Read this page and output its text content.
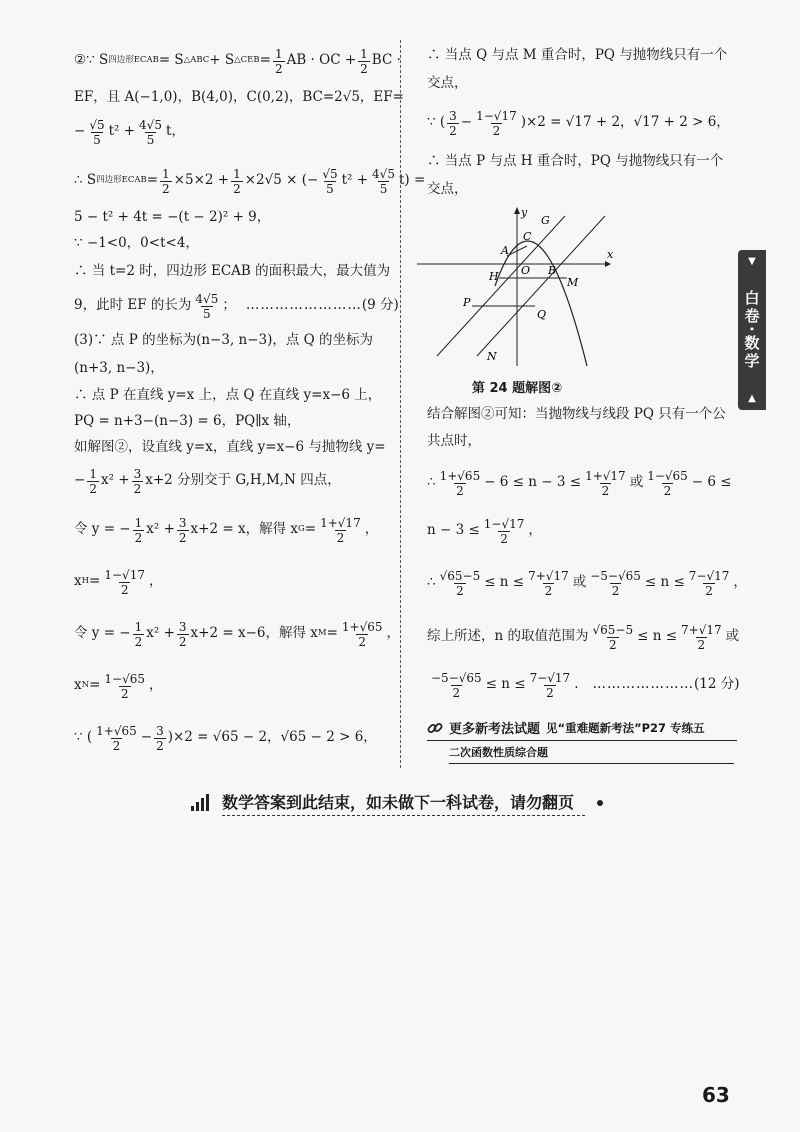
②∵ S 四边形ECAB = S △ABC + S △CEB = $\frac{1}{2}$ AB · OC + $\frac{1}{2}$ BC ·
EF，且 A(−1,0)，B(4,0)，C(0,2)，BC=2√5，EF=
− $\frac{√5}{5} t^2 + \frac{4√5}{5}$ t，
∴ S 四边形ECAB = $\frac{1}{2} \times 5\times 2 + \frac{1}{2} \times 2√5$ × (− $\frac{√5}{5} t^2 + \frac{4√5}{5} t$) =
5 − t² + 4t = −(t − 2)² + 9，
∵ −1<0，0<t<4，
∴ 当 t=2 时，四边形 ECAB 的面积最大，最大值为
9，此时 EF 的长为 $\frac{4√5}{5}$ ； …………………… (9 分)
(3)∵ 点 P 的坐标为(n−3, n−3)，点 Q 的坐标为
(n+3, n−3)，
∴ 点 P 在直线 y=x 上，点 Q 在直线 y=x−6 上，
PQ = n+3−(n−3) = 6，PQ∥x 轴，
如解图②，设直线 y=x，直线 y=x−6 与抛物线 y=
− $\frac{1}{2} x^2 + \frac{3}{2} x+2$ 分别交于 G,H,M,N 四点，
令 y = − $\frac{1}{2} x^2 + \frac{3}{2} x+2 = x$，解得 x $G = \frac{1+√17}{2}$ ，
x $H = \frac{1-√17}{2}$ ，
令 y = − $\frac{1}{2} x^2 + \frac{3}{2} x+2 = x-6$，解得 x $M = \frac{1+√65}{2}$ ，
x $N = \frac{1-√65}{2}$ ，
∵ ( $\frac{1+√65}{2} - \frac{3}{2} )\times 2 = √65 - 2$，√65 − 2 > 6，
∴ 当点 Q 与点 M 重合时，PQ 与抛物线只有一个
交点，
∵ ( $\frac{3}{2} - \frac{1-√17}{2} )\times 2 = √17 + 2$，√17 + 2 > 6，
∴ 当点 P 与点 H 重合时，PQ 与抛物线只有一个
交点，
y
x
G
C
A
O B
H	M
P
Q
N
第 24 题解图②
结合解图②可知：当抛物线与线段 PQ 只有一个公
共点时，
∴ $\frac{1+√65}{2} - 6 \le n - 3 \le \frac{1+√17}{2}$ 或 $\frac{1-√65}{2} - 6$ ≤
$n - 3 \le \frac{1-√17}{2}$ ，
∴ $\frac{√65-5}{2} \le n \le \frac{7+√17}{2}$ 或 $\frac{-5-√65}{2} \le n \le \frac{7-√17}{2}$ ，
综上所述，n 的取值范围为 $\frac{√65-5}{2} \le n \le \frac{7+√17}{2}$ 或
$\frac{-5-√65}{2} \le n \le \frac{7-√17}{2}$ . ………………… (12 分)
更多新考法试题 见“重难题新考法”P27 专练五
二次函数性质综合题
数学答案到此结束，如未做下一科试卷，请勿翻页
▼
白卷·数学
▲
63
